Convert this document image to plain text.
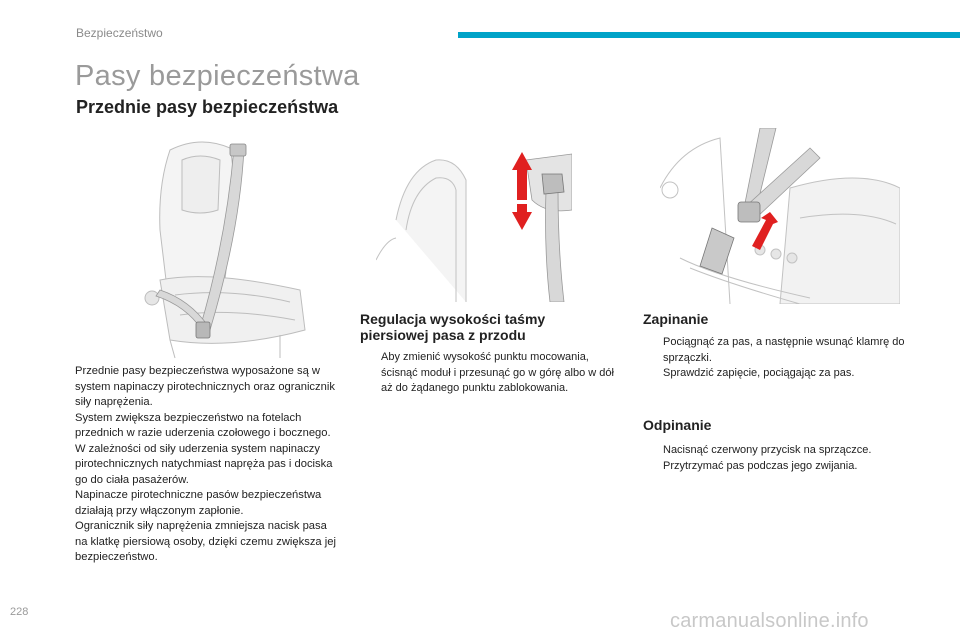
Bezpieczeństwo
Pasy bezpieczeństwa
Przednie pasy bezpieczeństwa

Przednie pasy bezpieczeństwa wyposażone są w system napinaczy pirotechnicznych oraz ogranicznik siły naprężenia.

System zwiększa bezpieczeństwo na fotelach przednich w razie uderzenia czołowego i bocznego. W zależności od siły uderzenia system napinaczy pirotechnicznych natychmiast napręża pas i dociska go do ciała pasażerów.

Napinacze pirotechniczne pasów bezpieczeństwa działają przy włączonym zapłonie.

Ogranicznik siły naprężenia zmniejsza nacisk pasa na klatkę piersiową osoby, dzięki czemu zwiększa jej bezpieczeństwo.

Regulacja wysokości taśmy piersiowej pasa z przodu
Aby zmienić wysokość punktu mocowania, ścisnąć moduł i przesunąć go w górę albo w dół aż do żądanego punktu zablokowania.
Zapinanie
Pociągnąć za pas, a następnie wsunąć klamrę do sprzączki.
Sprawdzić zapięcie, pociągając za pas.
Odpinanie
Nacisnąć czerwony przycisk na sprzączce.
Przytrzymać pas podczas jego zwijania.
228	carmanualsonline.info
